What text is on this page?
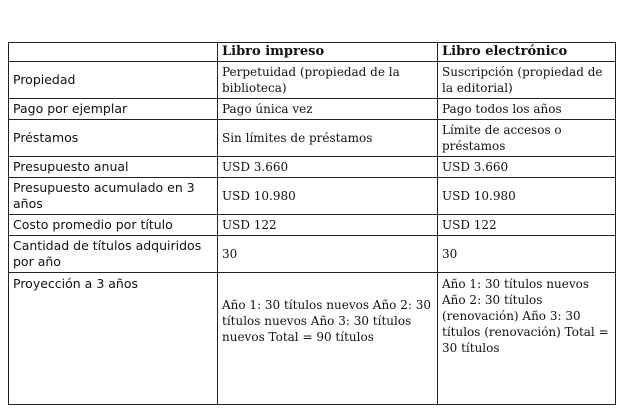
	Libro impreso	Libro electrónico
Propiedad	Perpetuidad (propiedad de la biblioteca)	Suscripción (propiedad de la editorial)
Pago por ejemplar	Pago única vez	Pago todos los años
Préstamos	Sin límites de préstamos	Límite de accesos o préstamos
Presupuesto anual	USD 3.660	USD 3.660
Presupuesto acumulado en 3 años	USD 10.980	USD 10.980
Costo promedio por título	USD 122	USD 122
Cantidad de títulos adquiridos por año	30	30
Proyección a 3 años	Año 1: 30 títulos nuevos Año 2: 30 títulos nuevos Año 3: 30 títulos nuevos Total = 90 títulos	Año 1: 30 títulos nuevos Año 2: 30 títulos (renovación) Año 3: 30 títulos (renovación) Total = 30 títulos
